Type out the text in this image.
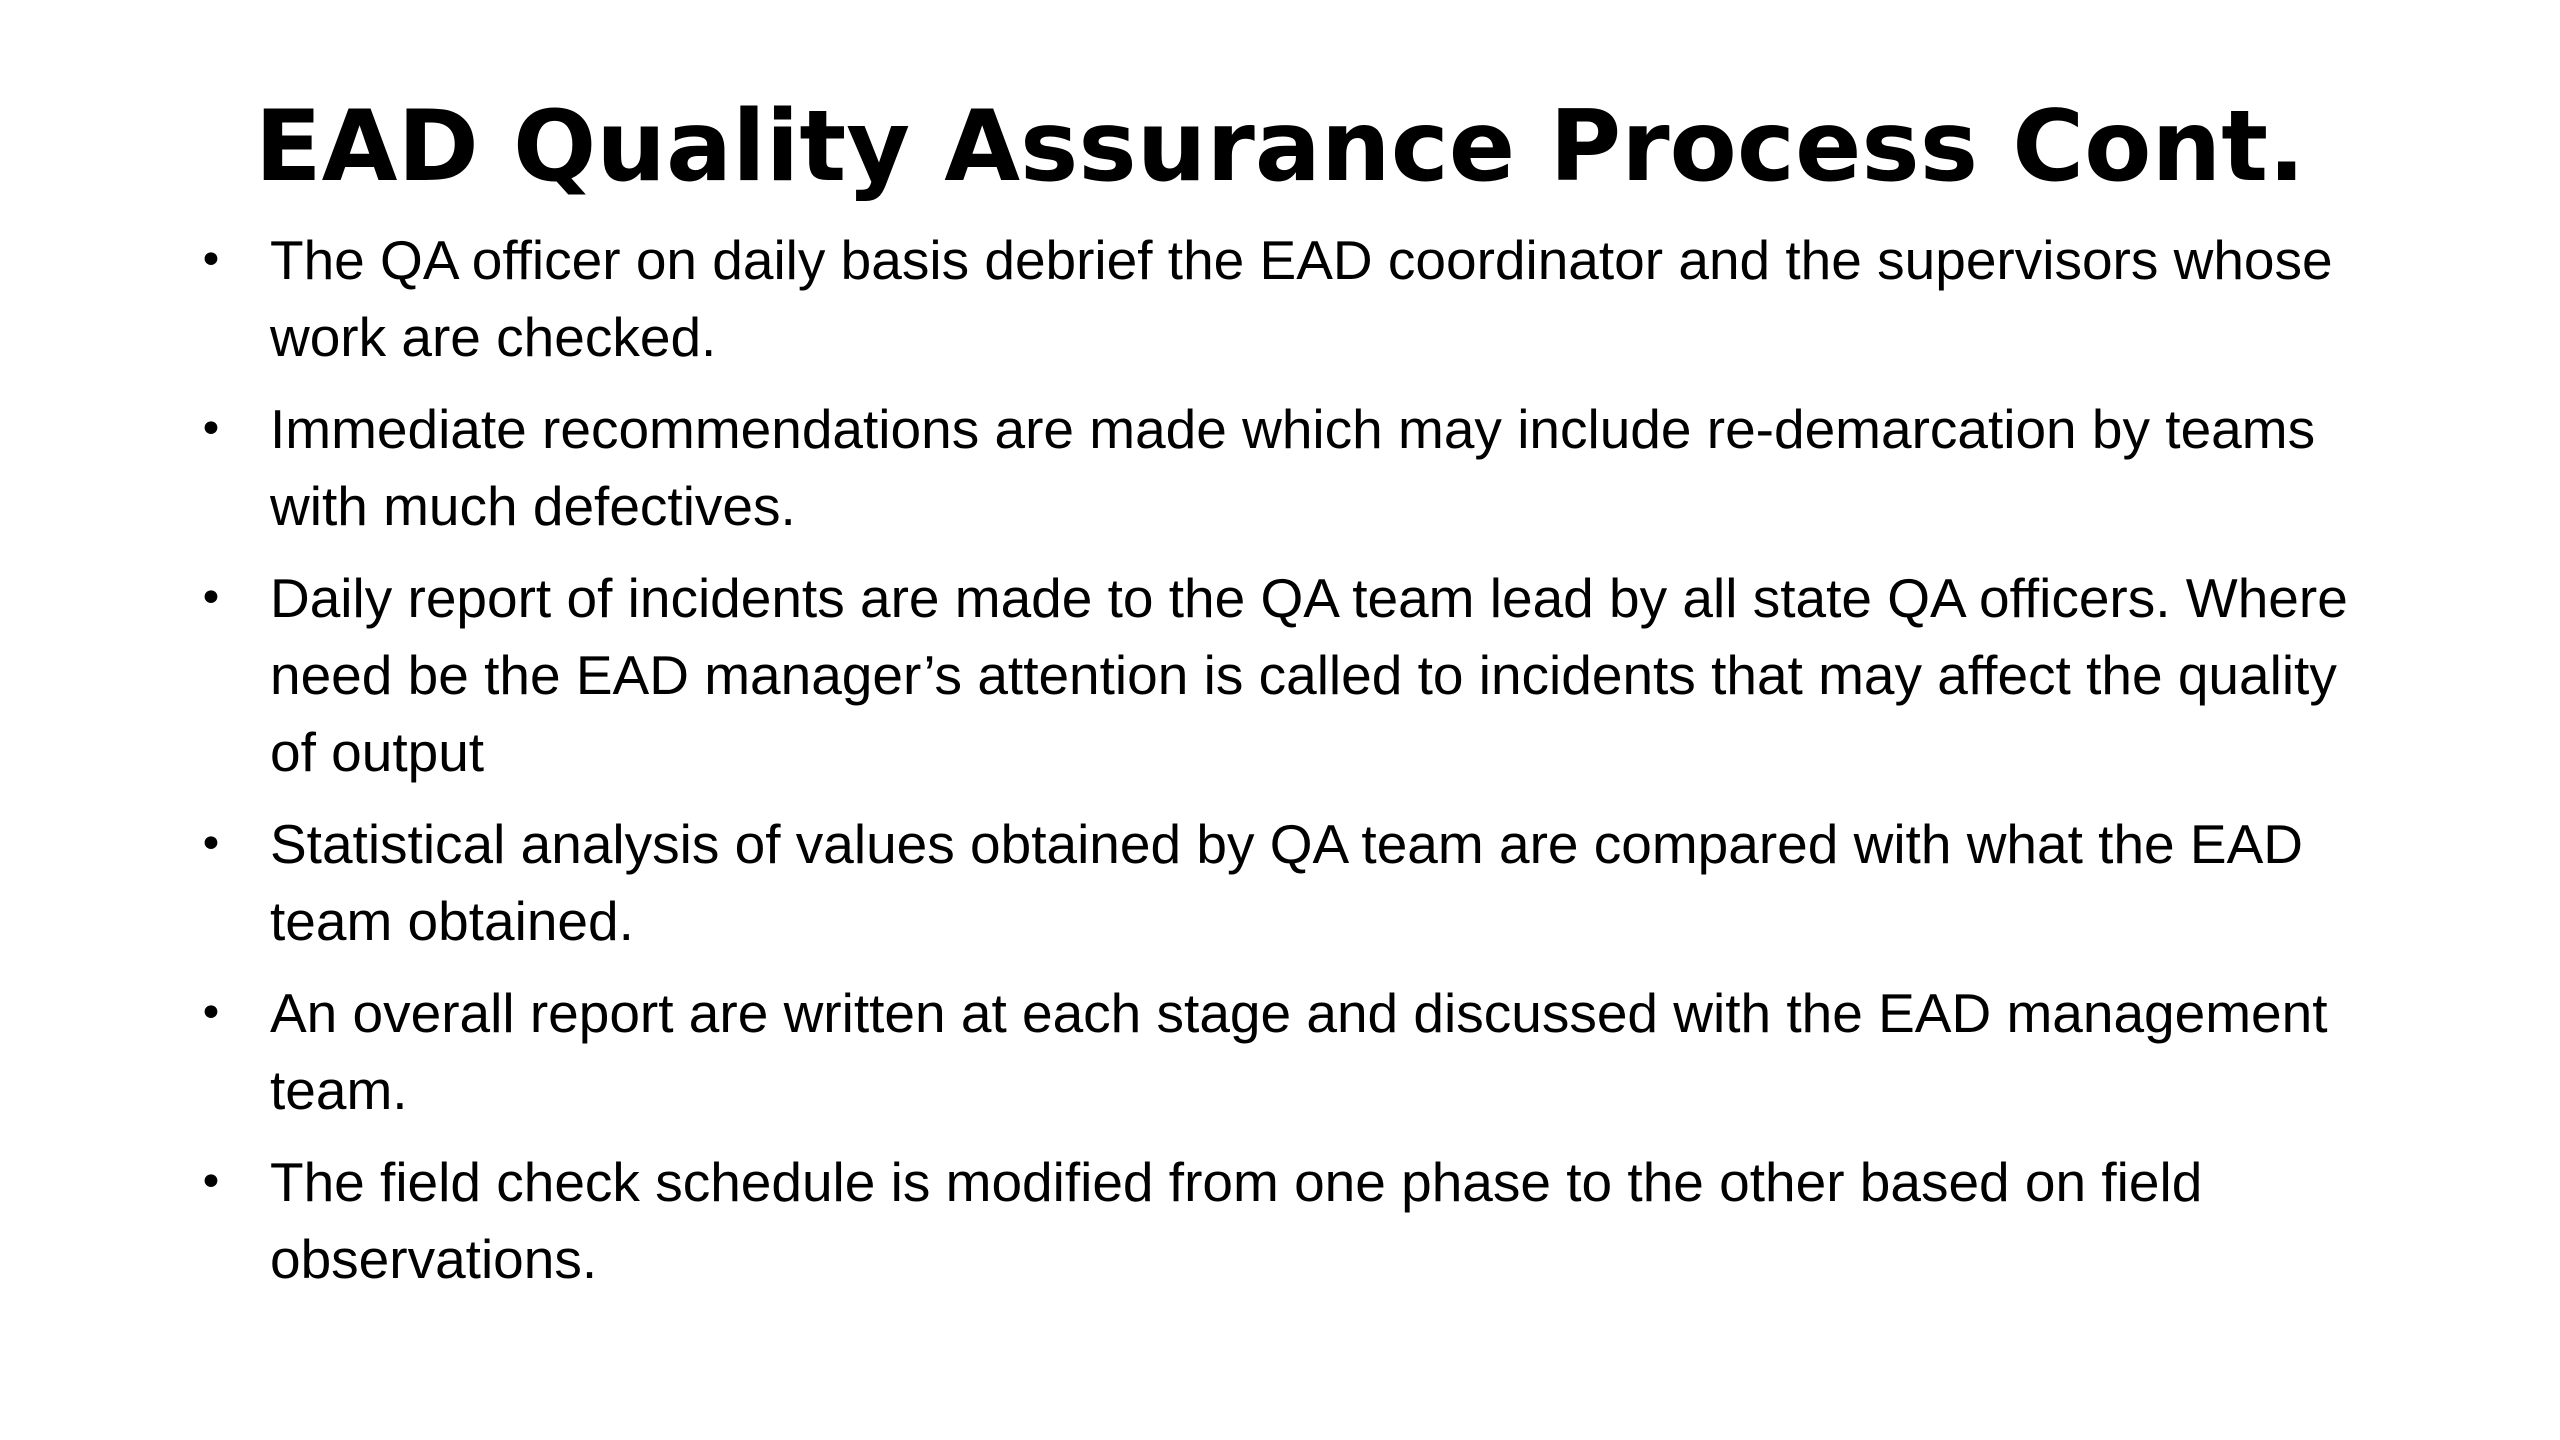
EAD Quality Assurance Process Cont.
• The QA officer on daily basis debrief the EAD coordinator and the supervisors whose work are checked.
• Immediate recommendations are made which may include re-demarcation by teams with much defectives.
• Daily report of incidents are made to the QA team lead by all state QA officers. Where need be the EAD manager’s attention is called to incidents that may affect the quality of output
• Statistical analysis of values obtained by QA team are compared with what the EAD team obtained.
• An overall report are written at each stage and discussed with the EAD management team.
• The field check schedule is modified from one phase to the other based on field observations.
